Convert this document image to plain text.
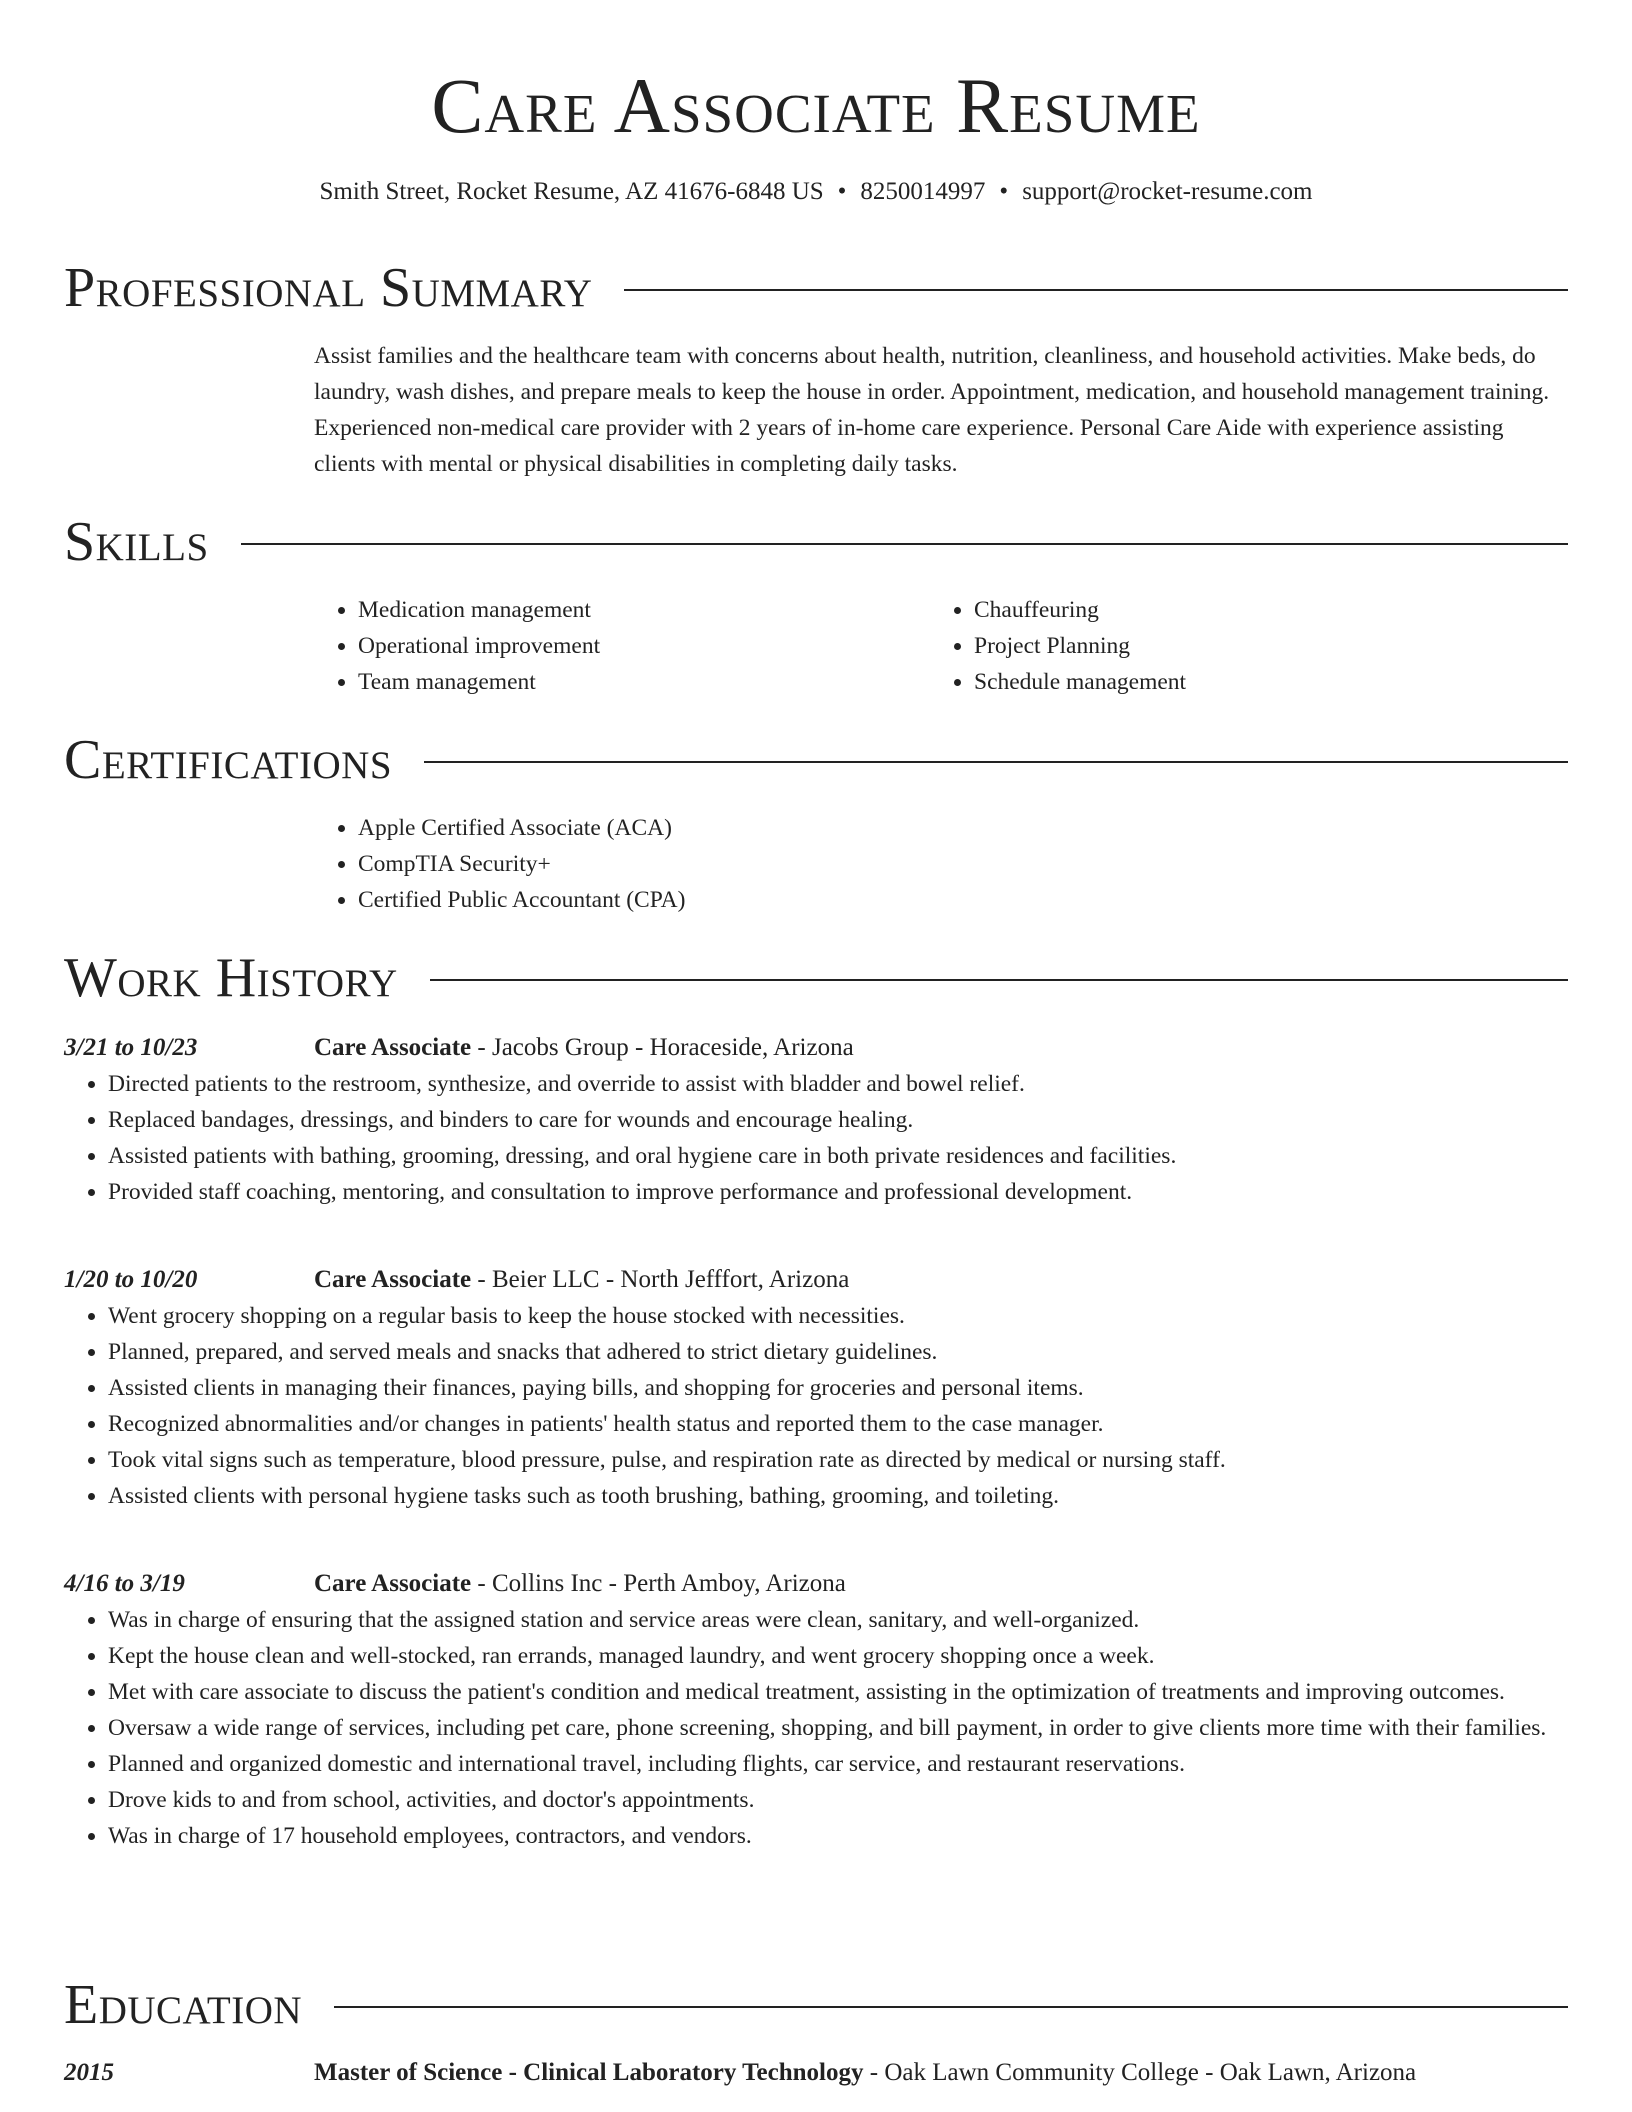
Care Associate Resume
Smith Street, Rocket Resume, AZ 41676-6848 US • 8250014997 • support@rocket-resume.com
Professional Summary

Assist families and the healthcare team with concerns about health, nutrition, cleanliness, and household activities. Make beds, do laundry, wash dishes, and prepare meals to keep the house in order. Appointment, medication, and household management training. Experienced non-medical care provider with 2 years of in-home care experience. Personal Care Aide with experience assisting clients with mental or physical disabilities in completing daily tasks.

Skills
• Medication management
• Operational improvement
• Team management
• Chauffeuring
• Project Planning
• Schedule management
Certifications
• Apple Certified Associate (ACA)
• CompTIA Security+
• Certified Public Accountant (CPA)
Work History
3/21 to 10/23	Care Associate - Jacobs Group - Horaceside, Arizona
• Directed patients to the restroom, synthesize, and override to assist with bladder and bowel relief.
• Replaced bandages, dressings, and binders to care for wounds and encourage healing.
• Assisted patients with bathing, grooming, dressing, and oral hygiene care in both private residences and facilities.
• Provided staff coaching, mentoring, and consultation to improve performance and professional development.
1/20 to 10/20	Care Associate - Beier LLC - North Jefffort, Arizona
• Went grocery shopping on a regular basis to keep the house stocked with necessities.
• Planned, prepared, and served meals and snacks that adhered to strict dietary guidelines.
• Assisted clients in managing their finances, paying bills, and shopping for groceries and personal items.
• Recognized abnormalities and/or changes in patients' health status and reported them to the case manager.
• Took vital signs such as temperature, blood pressure, pulse, and respiration rate as directed by medical or nursing staff.
• Assisted clients with personal hygiene tasks such as tooth brushing, bathing, grooming, and toileting.
4/16 to 3/19	Care Associate - Collins Inc - Perth Amboy, Arizona
• Was in charge of ensuring that the assigned station and service areas were clean, sanitary, and well-organized.
• Kept the house clean and well-stocked, ran errands, managed laundry, and went grocery shopping once a week.
• Met with care associate to discuss the patient's condition and medical treatment, assisting in the optimization of treatments and improving outcomes.
• Oversaw a wide range of services, including pet care, phone screening, shopping, and bill payment, in order to give clients more time with their families.
• Planned and organized domestic and international travel, including flights, car service, and restaurant reservations.
• Drove kids to and from school, activities, and doctor's appointments.
• Was in charge of 17 household employees, contractors, and vendors.
Education
2015	Master of Science - Clinical Laboratory Technology - Oak Lawn Community College - Oak Lawn, Arizona
